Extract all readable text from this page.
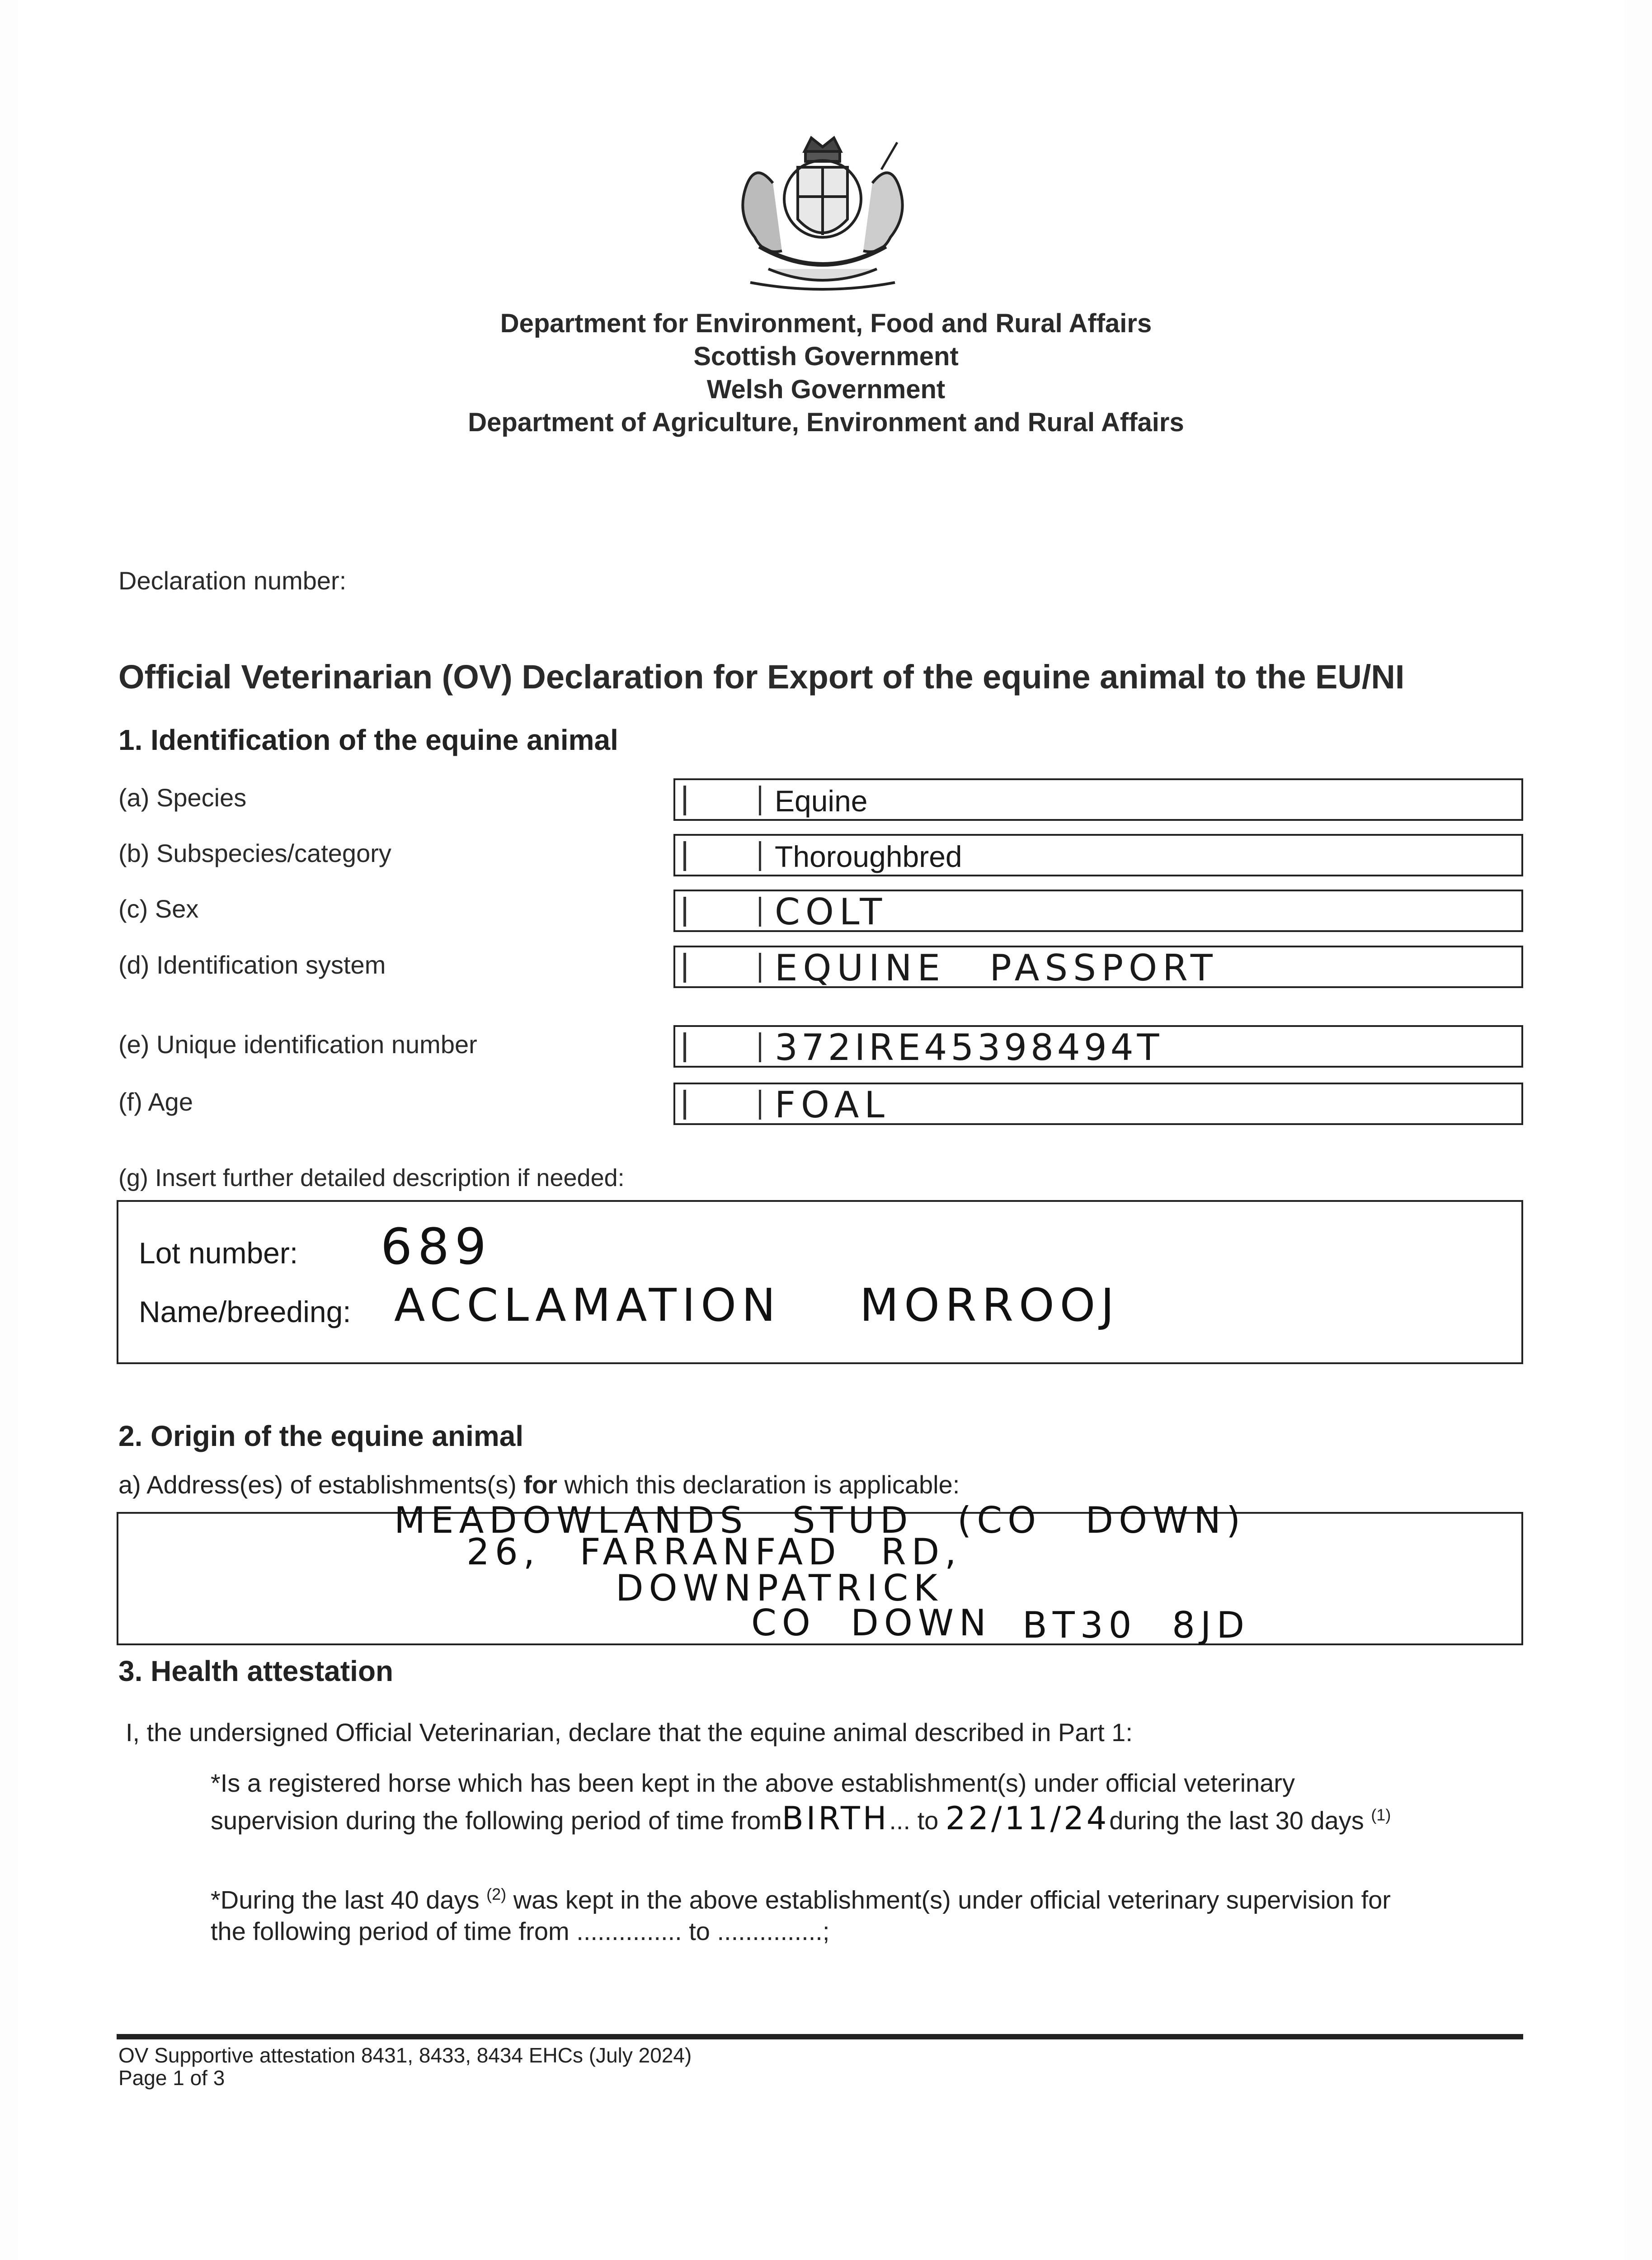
Department for Environment, Food and Rural Affairs
Scottish Government
Welsh Government
Department of Agriculture, Environment and Rural Affairs
Declaration number:
Official Veterinarian (OV) Declaration for Export of the equine animal to the EU/NI
1. Identification of the equine animal
(a) Species	Equine
(b) Subspecies/category	Thoroughbred
(c) Sex	COLT
(d) Identification system	EQUINE PASSPORT
(e) Unique identification number	372IRE45398494T
(f) Age	FOAL
(g) Insert further detailed description if needed:
Lot number: 689
Name/breeding: ACCLAMATION MORROOJ
2. Origin of the equine animal
a) Address(es) of establishments(s) for which this declaration is applicable:
MEADOWLANDS STUD (CO DOWN)
26, FARRANFAD RD,
DOWNPATRICK
CO DOWN BT30 8JD
3. Health attestation
I, the undersigned Official Veterinarian, declare that the equine animal described in Part 1:
*Is a registered horse which has been kept in the above establishment(s) under official veterinary
supervision during the following period of time fromBIRTH... to 22/11/24during the last 30 days $^{(1)}$
*During the last 40 days $^{(2)}$ was kept in the above establishment(s) under official veterinary supervision for
the following period of time from ............... to ...............;
OV Supportive attestation 8431, 8433, 8434 EHCs (July 2024)
Page 1 of 3
